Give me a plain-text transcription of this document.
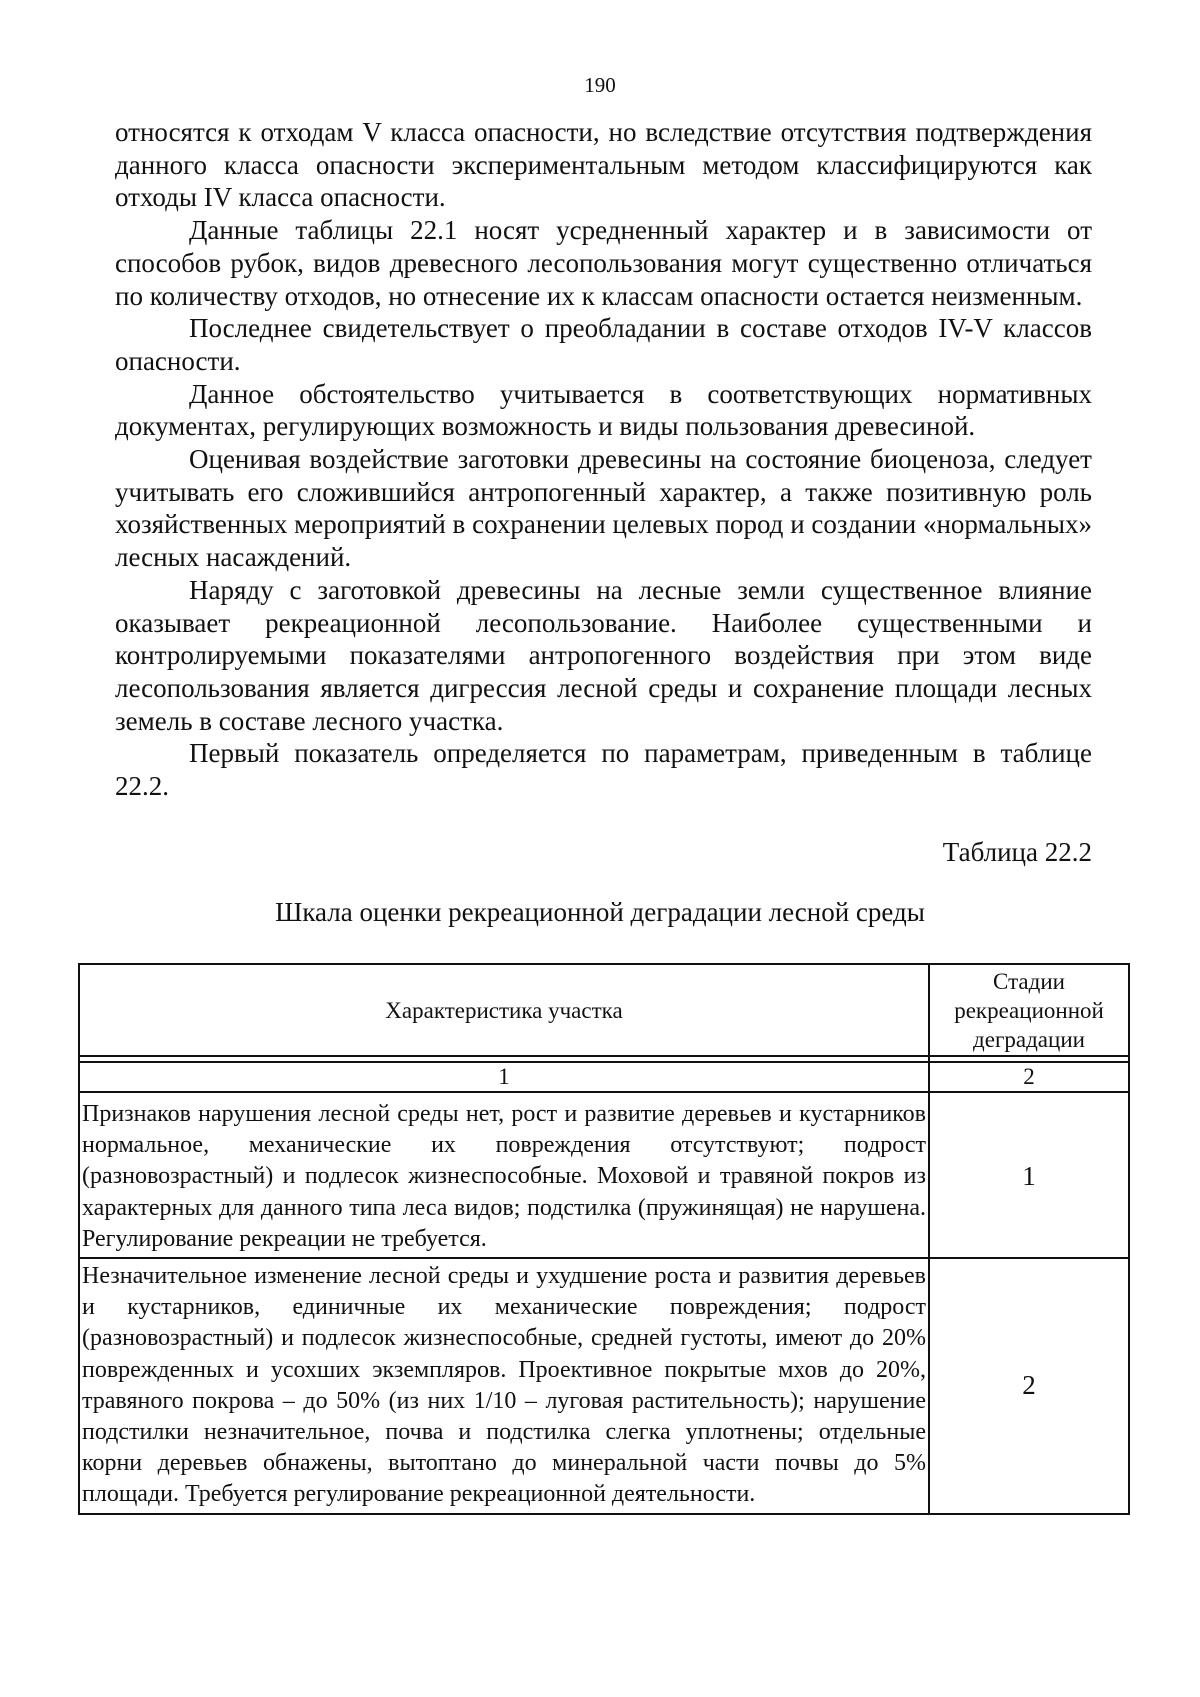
190

относятся к отходам V класса опасности, но вследствие отсутствия подтверждения данного класса опасности экспериментальным методом классифицируются как отходы IV класса опасности.

Данные таблицы 22.1 носят усредненный характер и в зависимости от способов рубок, видов древесного лесопользования могут существенно отличаться по количеству отходов, но отнесение их к классам опасности остается неизменным.

Последнее свидетельствует о преобладании в составе отходов IV-V классов опасности.

Данное обстоятельство учитывается в соответствующих нормативных документах, регулирующих возможность и виды пользования древесиной.

Оценивая воздействие заготовки древесины на состояние биоценоза, следует учитывать его сложившийся антропогенный характер, а также позитивную роль хозяйственных мероприятий в сохранении целевых пород и создании «нормальных» лесных насаждений.

Наряду с заготовкой древесины на лесные земли существенное влияние оказывает рекреационной лесопользование. Наиболее существенными и контролируемыми показателями антропогенного воздействия при этом виде лесопользования является дигрессия лесной среды и сохранение площади лесных земель в составе лесного участка.

Первый показатель определяется по параметрам, приведенным в таблице 22.2.

Таблица 22.2
Шкала оценки рекреационной деградации лесной среды
Характеристика участка	Стадии рекреационной деградации

1	2

Признаков нарушения лесной среды нет, рост и развитие деревьев и кустарников нормальное, механические их повреждения отсутствуют; подрост (разновозрастный) и подлесок жизнеспособные. Моховой и травяной покров из характерных для данного типа леса видов; подстилка (пружинящая) не нарушена. Регулирование рекреации не требуется.	1
Незначительное изменение лесной среды и ухудшение роста и развития деревьев и кустарников, единичные их механические повреждения; подрост (разновозрастный) и подлесок жизнеспособные, средней густоты, имеют до 20% поврежденных и усохших экземпляров. Проективное покрытые мхов до 20%, травяного покрова – до 50% (из них 1/10 – луговая растительность); нарушение подстилки незначительное, почва и подстилка слегка уплотнены; отдельные корни деревьев обнажены, вытоптано до минеральной части почвы до 5% площади. Требуется регулирование рекреационной деятельности.	2
